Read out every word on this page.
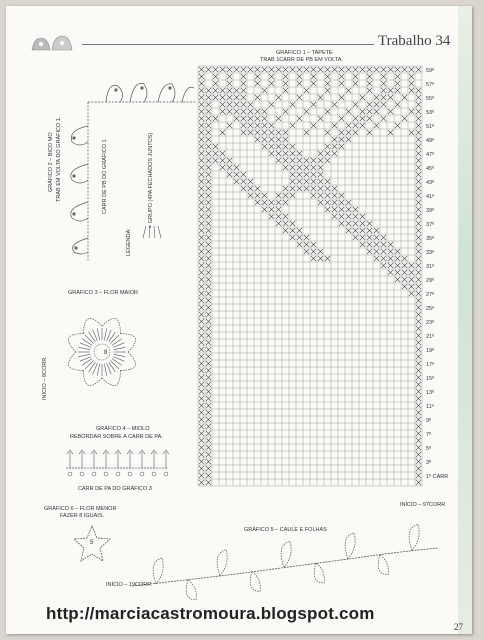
Trabalho 34
GRÁFICO 1 – TAPETE
TRAB 1CARR DE PB EM VOLTA.
59º
57º
55º
53º
51º
49º
47º
45º
43º
41º
39º
37º
35º
33º
31º
29º
27º
25º
23º
21º
19º
17º
15º
13º
11º
9º
7º
5º
3º
1º CARR
INÍCIO – 97CORR
GRÁFICO 2 – BICO MO TRAB EM VOLTA DO GRÁFICO 1.	CARR DE PB DO GRÁFICO 1
LEGENDA:
= GRUPO (4PA FECHADOS JUNTOS)
GRÁFICO 3 – FLOR MAIOR
8
INÍCIO – 8CORR
GRÁFICO 4 – MIOLO
REBORDAR SOBRE A CARR DE PA.
CARR DE PA DO GRÁFICO 3
GRÁFICO 6 – FLOR MENOR
FAZER 8 IGUAIS.
5
GRÁFICO 5 – CAULE E FOLHAS
INÍCIO – 19CORR
http://marciacastromoura.blogspot.com
27
